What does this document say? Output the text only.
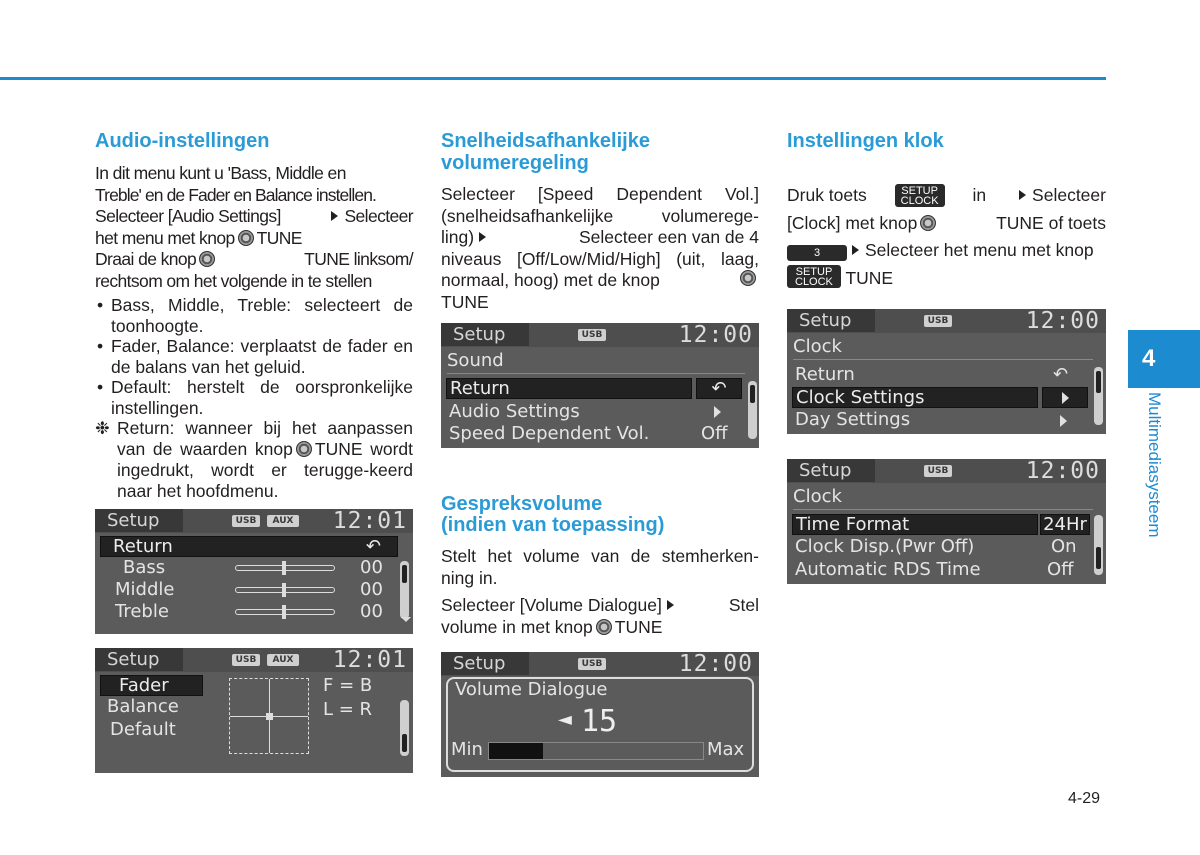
Audio-instellingen
In dit menu kunt u 'Bass, Middle en
Treble' en de Fader en Balance instellen.
Selecteer [Audio Settings]	Selecteer
het menu met knop TUNE
Draai de knop	TUNE linksom/
rechtsom om het volgende in te stellen
• Bass, Middle, Treble: selecteert de toonhoogte.
• Fader, Balance: verplaatst de fader en de balans van het geluid.
• Default: herstelt de oorspronkelijke instellingen.
❉ Return: wanneer bij het aanpassen van de waarden knop TUNE wordt ingedrukt, wordt er terugge-keerd naar het hoofdmenu.
Setup	USB	AUX 12:01
Return	↶
Bass	00
Middle	00
Treble	00
Setup	USB	AUX 12:01
Fader
Balance
Default
F = B
L = R
Snelheidsafhankelijke
volumeregeling
Selecteer [Speed Dependent Vol.]
(snelheidsafhankelijke volumerege-
ling)	Selecteer een van de 4
niveaus [Off/Low/Mid/High] (uit, laag,
normaal, hoog) met de knop
TUNE
Setup	USB	12:00
Sound
Return	↶
Audio Settings
Speed Dependent Vol.	Off
Gespreksvolume
(indien van toepassing)
Stelt het volume van de stemherken-
ning in.
Selecteer [Volume Dialogue]	Stel
volume in met knop TUNE
Setup	USB	12:00
Volume Dialogue
◄ 15
Min	Max
Instellingen klok
Druk toets	SETUP
CLOCK in	Selecteer
[Clock] met knop	TUNE of toets
3	Selecteer het menu met knop
SETUP
CLOCK TUNE
Setup	USB	12:00
Clock
Return	↶
Clock Settings
Day Settings
Setup	USB	12:00
Clock
Time Format	24Hr
Clock Disp.(Pwr Off)	On
Automatic RDS Time	Off
4
Multimediasysteem
4-29
